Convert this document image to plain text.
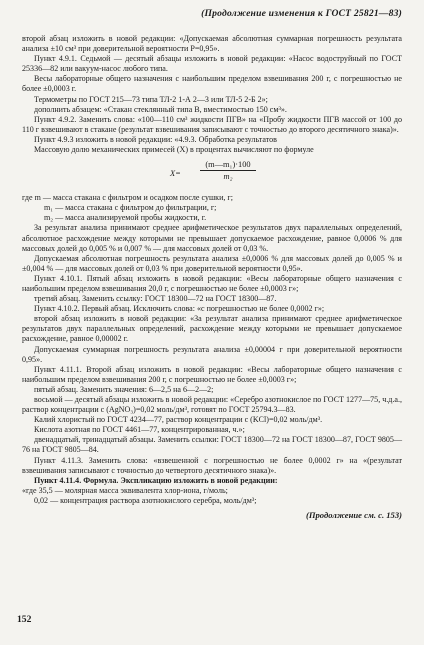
(Продолжение изменения к ГОСТ 25821—83)

второй абзац изложить в новой редакции: «Допускаемая абсолютная суммарная погрешность результата анализа ±10 см³ при доверительной вероятности P=0,95».

Пункт 4.9.1. Седьмой — десятый абзацы изложить в новой редакции: «Насос водоструйный по ГОСТ 25336—82 или вакуум-насос любого типа.

Весы лабораторные общего назначения с наибольшим пределом взвешивания 200 г, с погрешностью не более ±0,0003 г.

Термометры по ГОСТ 215—73 типа ТЛ-2 1-А 2—3 или ТЛ-5 2-Б 2»;

дополнить абзацем: «Стакан стеклянный типа В, вместимостью 150 см³».

Пункт 4.9.2. Заменить слова: «100—110 см³ жидкости ПГВ» на «Пробу жидкости ПГВ массой от 100 до 110 г взвешивают в стакане (результат взвешивания записывают с точностью до второго десятичного знака)».

Пункт 4.9.3 изложить в новой редакции: «4.9.3. Обработка результатов

Массовую долю механических примесей (X) в процентах вычисляют по формуле

$X= \frac{\text{(m—m₁)·100}}{\text{m₂}}$

где m — масса стакана с фильтром и осадком после сушки, г;

m₁ — масса стакана с фильтром до фильтрации, г;

m₂ — масса анализируемой пробы жидкости, г.

За результат анализа принимают среднее арифметическое результатов двух параллельных определений, абсолютное расхождение между которыми не превышает допускаемое расхождение, равное 0,0006 % для массовых долей до 0,005 % и 0,007 % — для массовых долей от 0,03 %.

Допускаемая абсолютная погрешность результата анализа ±0,0006 % для массовых долей до 0,005 % и ±0,004 % — для массовых долей от 0,03 % при доверительной вероятности 0,95».

Пункт 4.10.1. Пятый абзац изложить в новой редакции: «Весы лабораторные общего назначения с наибольшим пределом взвешивания 20,0 г, с погрешностью не более ±0,0003 г»;

третий абзац. Заменить ссылку: ГОСТ 18300—72 на ГОСТ 18300—87.

Пункт 4.10.2. Первый абзац. Исключить слова: «с погрешностью не более 0,0002 г»;

второй абзац изложить в новой редакции: «За результат анализа принимают среднее арифметическое результатов двух параллельных определений, расхождение между которыми не превышает допускаемое расхождение, равное 0,00002 г.

Допускаемая суммарная погрешность результата анализа ±0,00004 г при доверительной вероятности 0,95».

Пункт 4.11.1. Второй абзац изложить в новой редакции: «Весы лабораторные общего назначения с наибольшим пределом взвешивания 200 г, с погрешностью не более ±0,0003 г»;

пятый абзац. Заменить значения: 6—2,5 на 6—2—2;

восьмой — десятый абзацы изложить в новой редакции: «Серебро азотнокислое по ГОСТ 1277—75, ч.д.а., раствор концентрации c (AgNO₃)=0,02 моль/дм³, готовят по ГОСТ 25794.3—83.

Калий хлористый по ГОСТ 4234—77, раствор концентрации c (KCl)=0,02 моль/дм³.

Кислота азотная по ГОСТ 4461—77, концентрированная, ч.»;

двенадцатый, тринадцатый абзацы. Заменить ссылки: ГОСТ 18300—72 на ГОСТ 18300—87, ГОСТ 9805—76 на ГОСТ 9805—84.

Пункт 4.11.3. Заменить слова: «взвешенной с погрешностью не более 0,0002 г» на «(результат взвешивания записывают с точностью до четвертого десятичного знака)».

Пункт 4.11.4. Формула. Экспликацию изложить в новой редакции:

«где 35,5 — молярная масса эквивалента хлор-иона, г/моль;

0,02 — концентрация раствора азотнокислого серебра, моль/дм³;

(Продолжение см. с. 153)
152
